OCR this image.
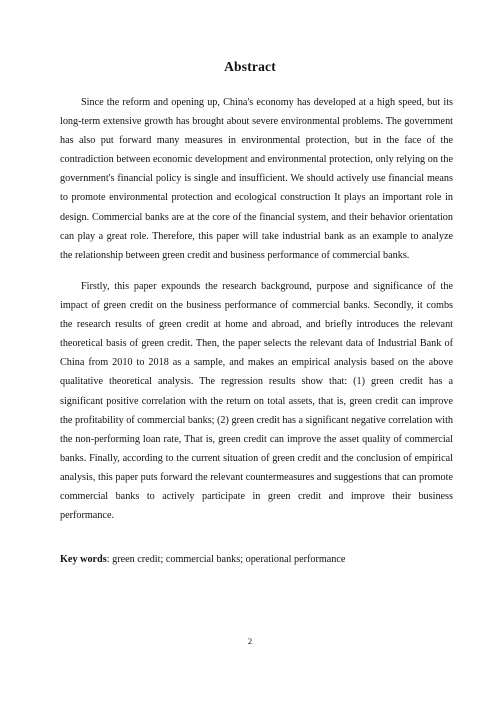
Abstract

Since the reform and opening up, China's economy has developed at a high speed, but its long-term extensive growth has brought about severe environmental problems. The government has also put forward many measures in environmental protection, but in the face of the contradiction between economic development and environmental protection, only relying on the government's financial policy is single and insufficient. We should actively use financial means to promote environmental protection and ecological construction It plays an important role in design. Commercial banks are at the core of the financial system, and their behavior orientation can play a great role. Therefore, this paper will take industrial bank as an example to analyze the relationship between green credit and business performance of commercial banks.

Firstly, this paper expounds the research background, purpose and significance of the impact of green credit on the business performance of commercial banks. Secondly, it combs the research results of green credit at home and abroad, and briefly introduces the relevant theoretical basis of green credit. Then, the paper selects the relevant data of Industrial Bank of China from 2010 to 2018 as a sample, and makes an empirical analysis based on the above qualitative theoretical analysis. The regression results show that: (1) green credit has a significant positive correlation with the return on total assets, that is, green credit can improve the profitability of commercial banks; (2) green credit has a significant negative correlation with the non-performing loan rate, That is, green credit can improve the asset quality of commercial banks. Finally, according to the current situation of green credit and the conclusion of empirical analysis, this paper puts forward the relevant countermeasures and suggestions that can promote commercial banks to actively participate in green credit and improve their business performance.

Key words: green credit; commercial banks; operational performance
2
